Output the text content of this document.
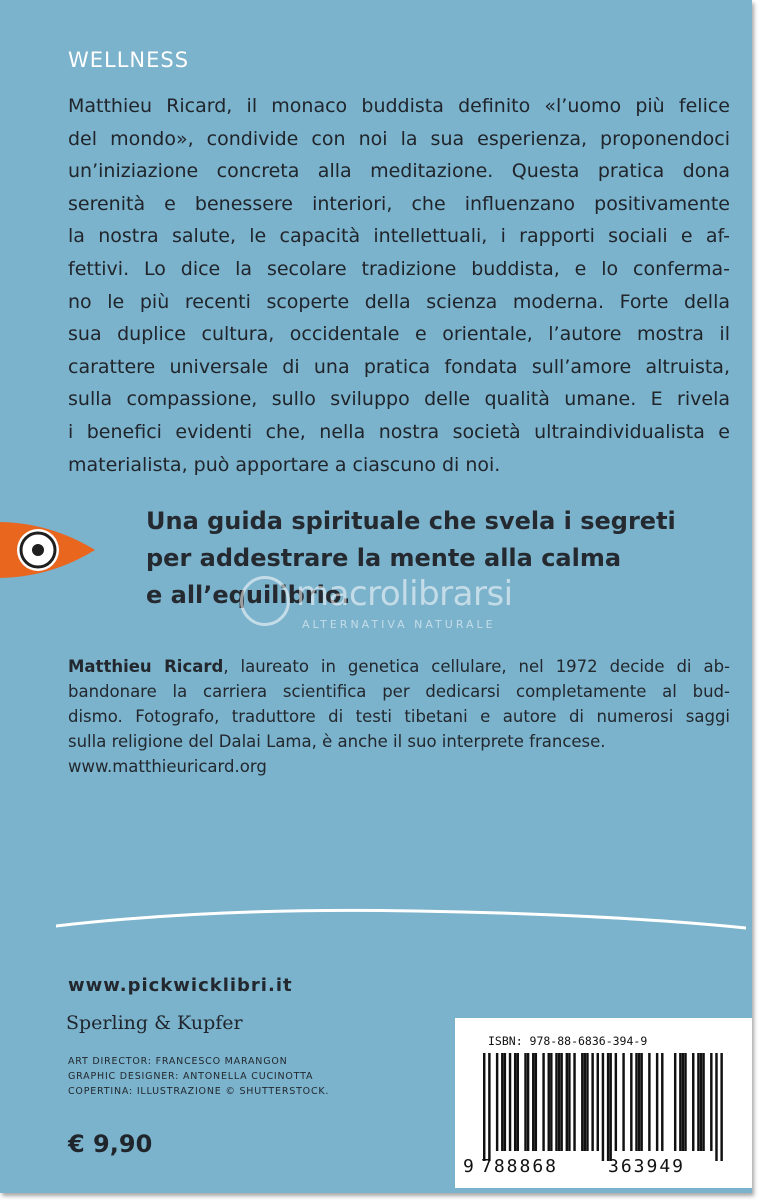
WELLNESS

Matthieu Ricard, il monaco buddista definito «l’uomo più felice
del mondo», condivide con noi la sua esperienza, proponendoci
un’iniziazione concreta alla meditazione. Questa pratica dona
serenità e benessere interiori, che influenzano positivamente
la nostra salute, le capacità intellettuali, i rapporti sociali e af-
fettivi. Lo dice la secolare tradizione buddista, e lo conferma-
no le più recenti scoperte della scienza moderna. Forte della
sua duplice cultura, occidentale e orientale, l’autore mostra il
carattere universale di una pratica fondata sull’amore altruista,
sulla compassione, sullo sviluppo delle qualità umane. E rivela
i benefici evidenti che, nella nostra società ultraindividualista e
materialista, può apportare a ciascuno di noi.

Una guida spirituale che svela i segreti
per addestrare la mente alla calma
e all’equilibrio.
macrolibrarsi
ALTERNATIVA NATURALE
Matthieu Ricard, laureato in genetica cellulare, nel 1972 decide di ab-
bandonare la carriera scientifica per dedicarsi completamente al bud-
dismo. Fotografo, traduttore di testi tibetani e autore di numerosi saggi
sulla religione del Dalai Lama, è anche il suo interprete francese.
www.matthieuricard.org
www.pickwicklibri.it
Sperling & Kupfer
ART DIRECTOR: FRANCESCO MARANGON
GRAPHIC DESIGNER: ANTONELLA CUCINOTTA
COPERTINA: ILLUSTRAZIONE © SHUTTERSTOCK.
€ 9,90
ISBN: 978-88-6836-394-9
9 788868	363949
